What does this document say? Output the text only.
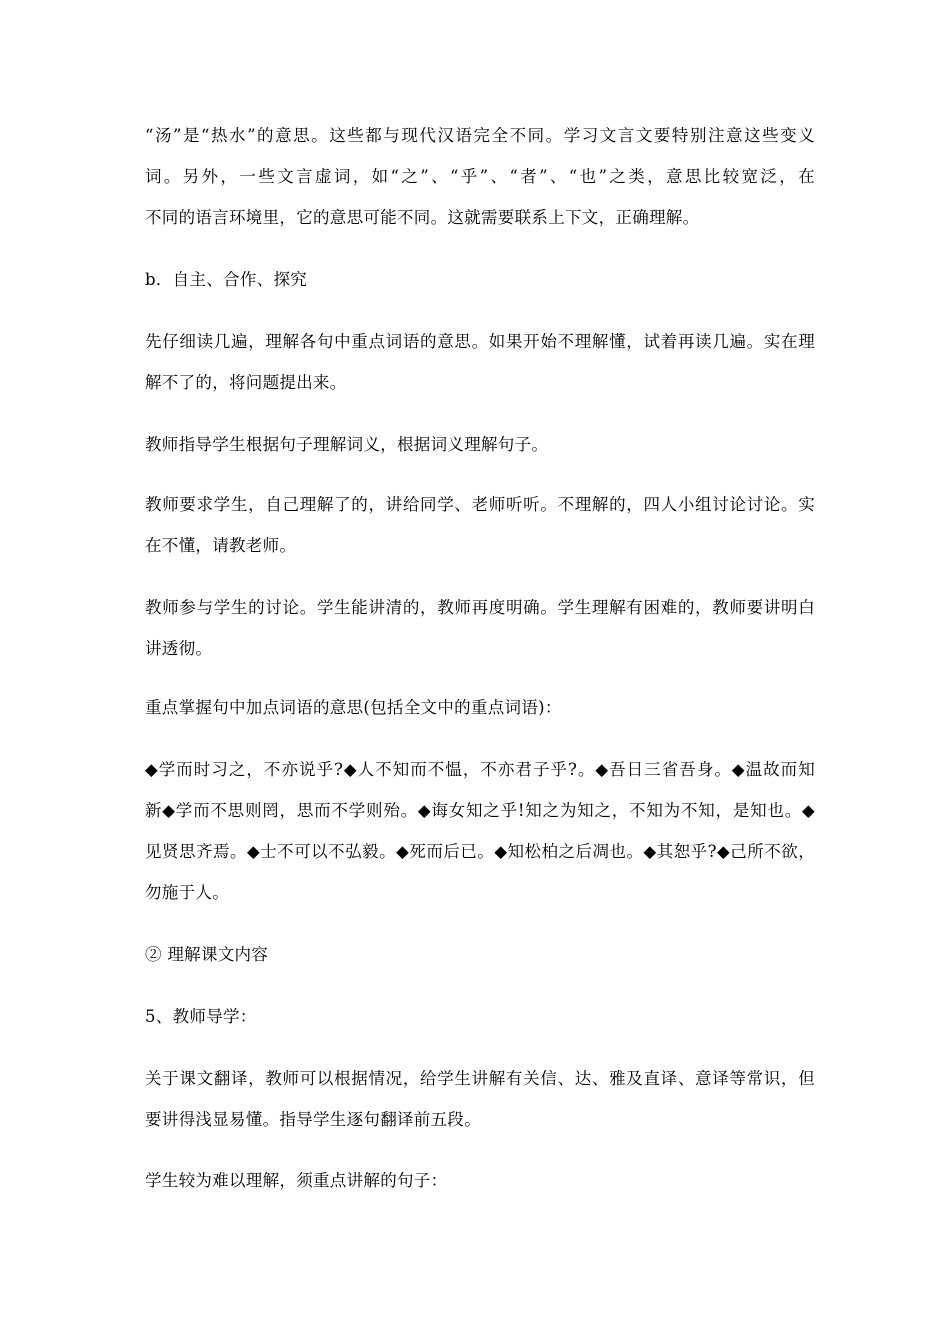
“汤”是“热水”的意思。这些都与现代汉语完全不同。学习文言文要特别注意这些变义
词。另外，一些文言虚词，如“之”、“乎”、“者”、“也”之类，意思比较宽泛，在
不同的语言环境里，它的意思可能不同。这就需要联系上下文，正确理解。

b．自主、合作、探究

先仔细读几遍，理解各句中重点词语的意思。如果开始不理解懂，试着再读几遍。实在理
解不了的，将问题提出来。

教师指导学生根据句子理解词义，根据词义理解句子。

教师要求学生，自己理解了的，讲给同学、老师听听。不理解的，四人小组讨论讨论。实
在不懂，请教老师。

教师参与学生的讨论。学生能讲清的，教师再度明确。学生理解有困难的，教师要讲明白
讲透彻。

重点掌握句中加点词语的意思(包括全文中的重点词语)：

◆学而时习之，不亦说乎?◆人不知而不愠，不亦君子乎?。◆吾日三省吾身。◆温故而知
新◆学而不思则罔，思而不学则殆。◆诲女知之乎!知之为知之，不知为不知，是知也。◆
见贤思齐焉。◆士不可以不弘毅。◆死而后已。◆知松柏之后凋也。◆其恕乎?◆己所不欲，
勿施于人。

② 理解课文内容

5、教师导学：

关于课文翻译，教师可以根据情况，给学生讲解有关信、达、雅及直译、意译等常识，但
要讲得浅显易懂。指导学生逐句翻译前五段。

学生较为难以理解，须重点讲解的句子：
